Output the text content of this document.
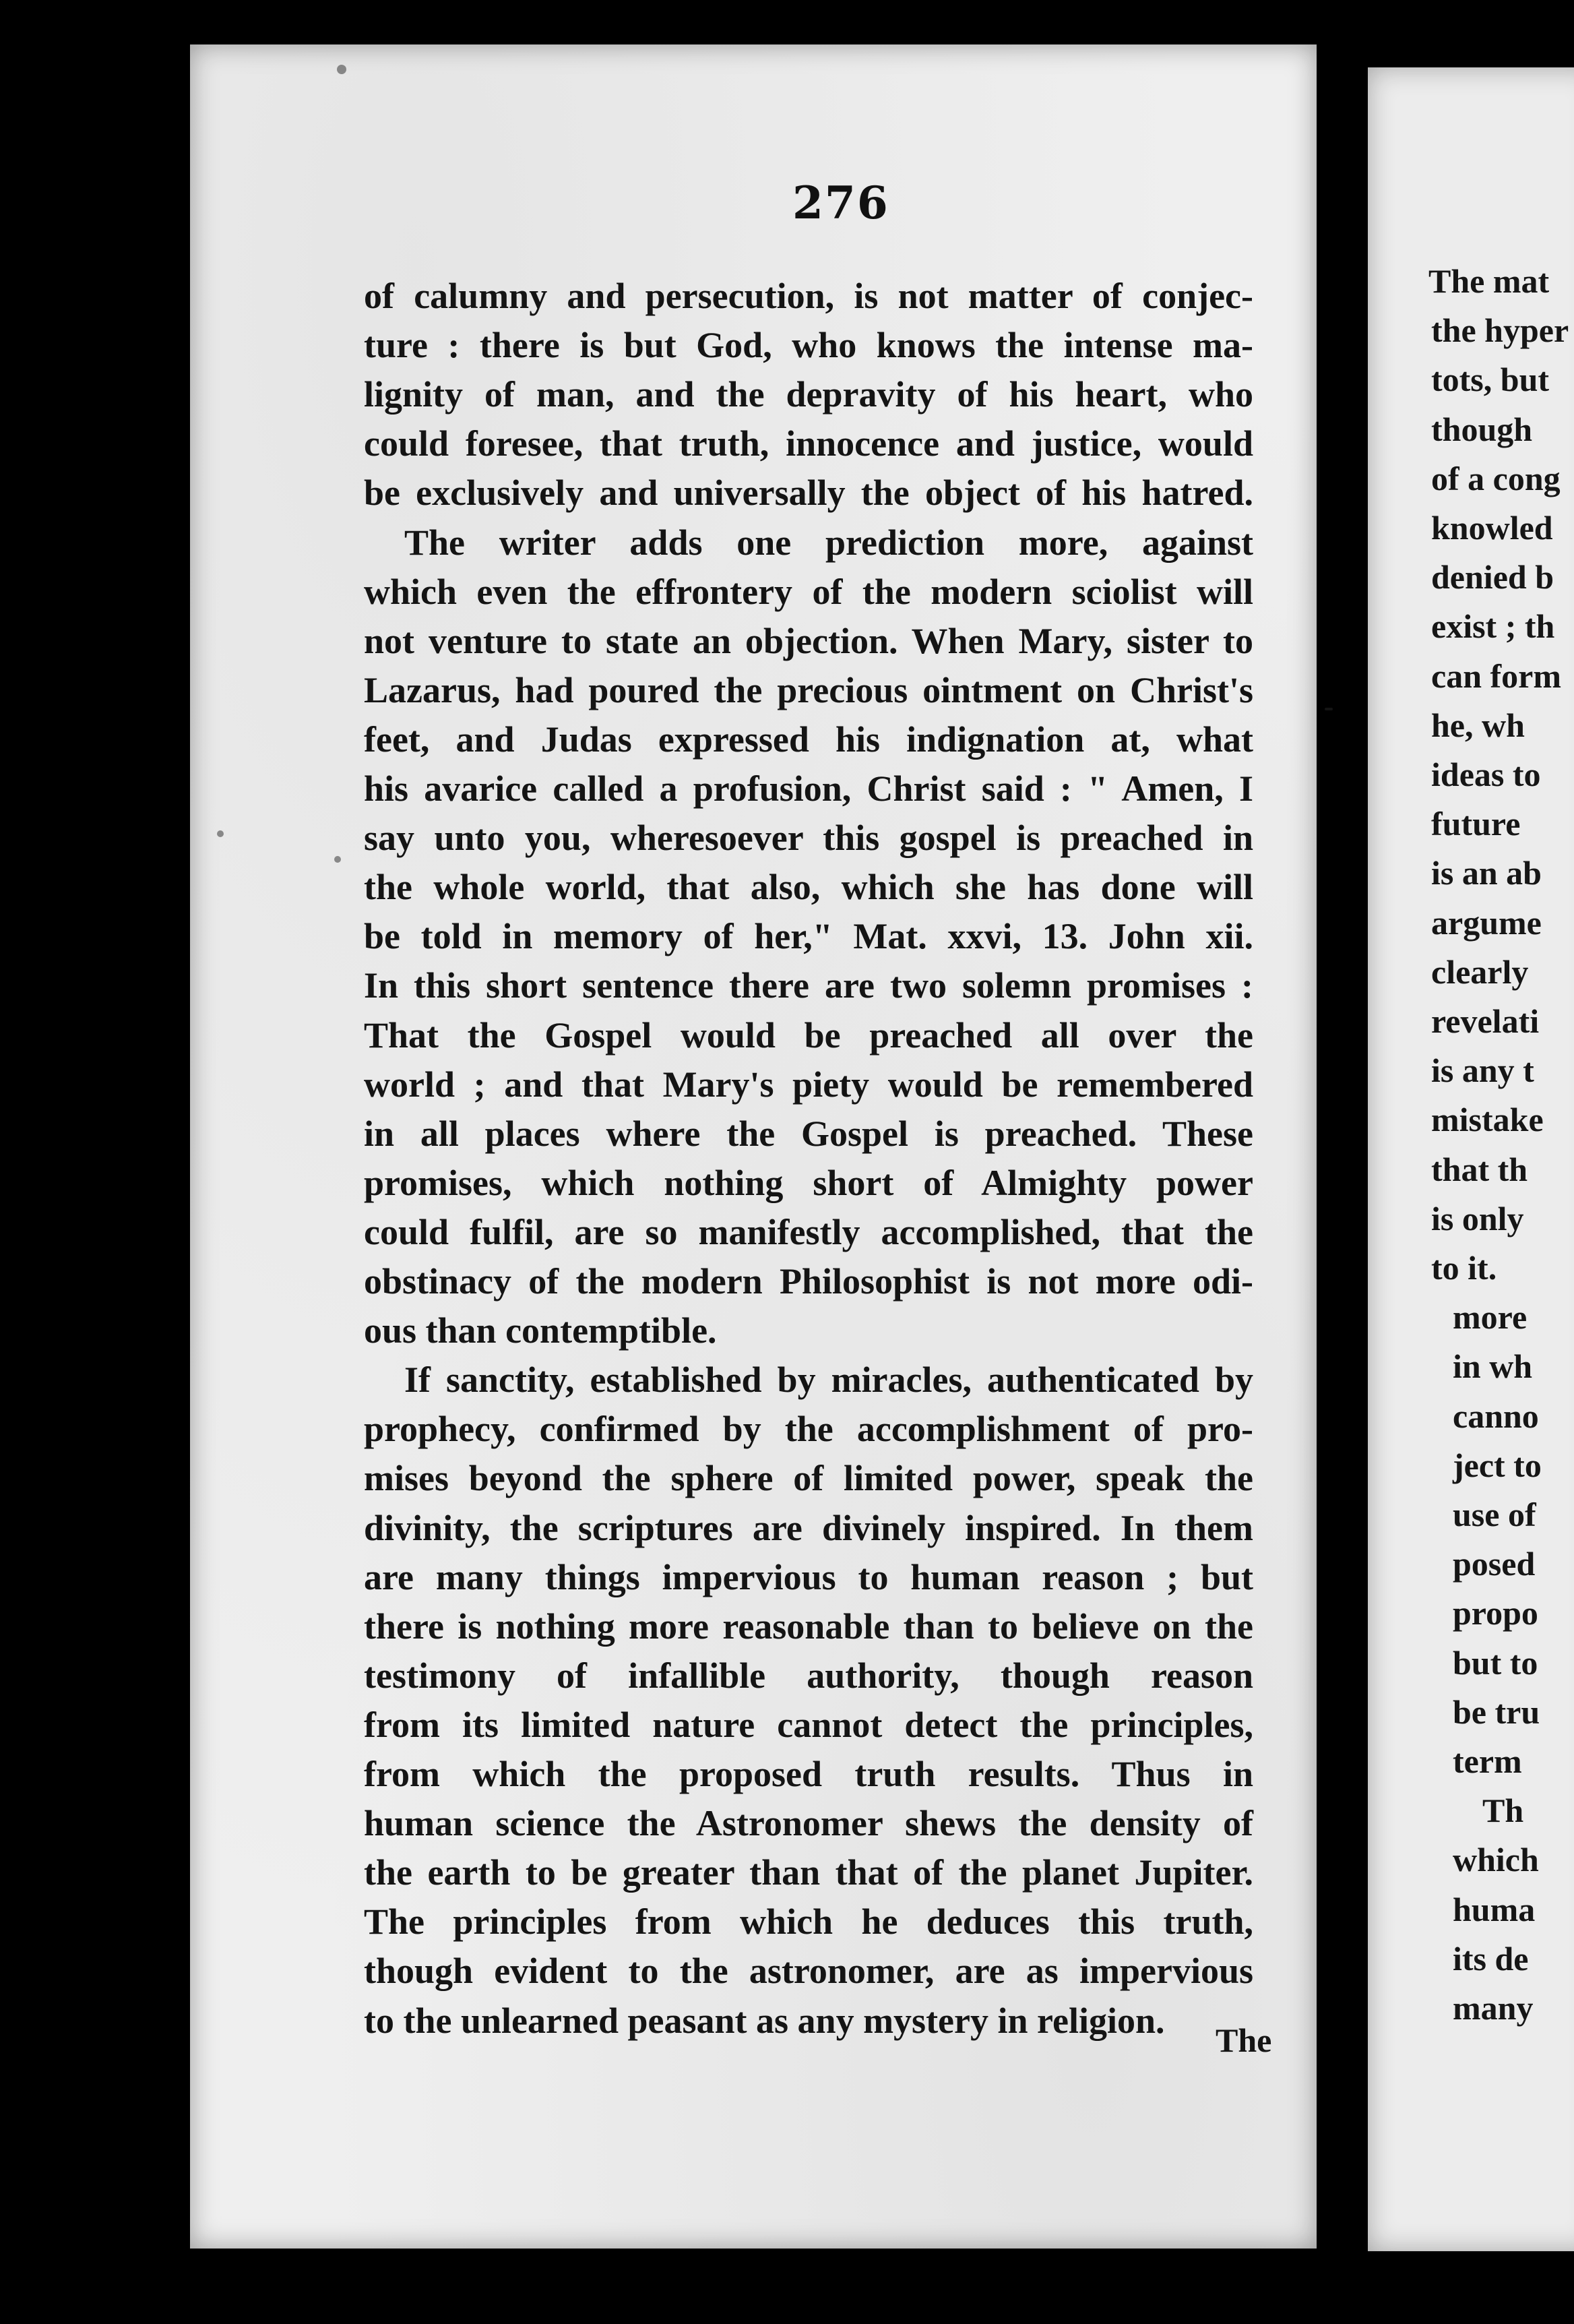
276
of calumny and persecution, is not matter of conjec-
ture : there is but God, who knows the intense ma-
lignity of man, and the depravity of his heart, who
could foresee, that truth, innocence and justice, would
be exclusively and universally the object of his hatred.
The writer adds one prediction more, against
which even the effrontery of the modern sciolist will
not venture to state an objection. When Mary, sister to
Lazarus, had poured the precious ointment on Christ's
feet, and Judas expressed his indignation at, what
his avarice called a profusion, Christ said : " Amen, I
say unto you, wheresoever this gospel is preached in
the whole world, that also, which she has done will
be told in memory of her," Mat. xxvi, 13. John xii.
In this short sentence there are two solemn promises :
That the Gospel would be preached all over the
world ; and that Mary's piety would be remembered
in all places where the Gospel is preached. These
promises, which nothing short of Almighty power
could fulfil, are so manifestly accomplished, that the
obstinacy of the modern Philosophist is not more odi-
ous than contemptible.
If sanctity, established by miracles, authenticated by
prophecy, confirmed by the accomplishment of pro-
mises beyond the sphere of limited power, speak the
divinity, the scriptures are divinely inspired. In them
are many things impervious to human reason ; but
there is nothing more reasonable than to believe on the
testimony of infallible authority, though reason
from its limited nature cannot detect the principles,
from which the proposed truth results. Thus in
human science the Astronomer shews the density of
the earth to be greater than that of the planet Jupiter.
The principles from which he deduces this truth,
though evident to the astronomer, are as impervious
to the unlearned peasant as any mystery in religion.	The
The mat
the hyper
tots, but
though
of a cong
knowled
denied b
exist ; th
can form
he, wh
ideas to
future
is an ab
argume
clearly
revelati
is any t
mistake
that th
is only
to it.
more
in wh
canno
ject to
use of
posed
propo
but to
be tru
term
Th
which
huma
its de
many
